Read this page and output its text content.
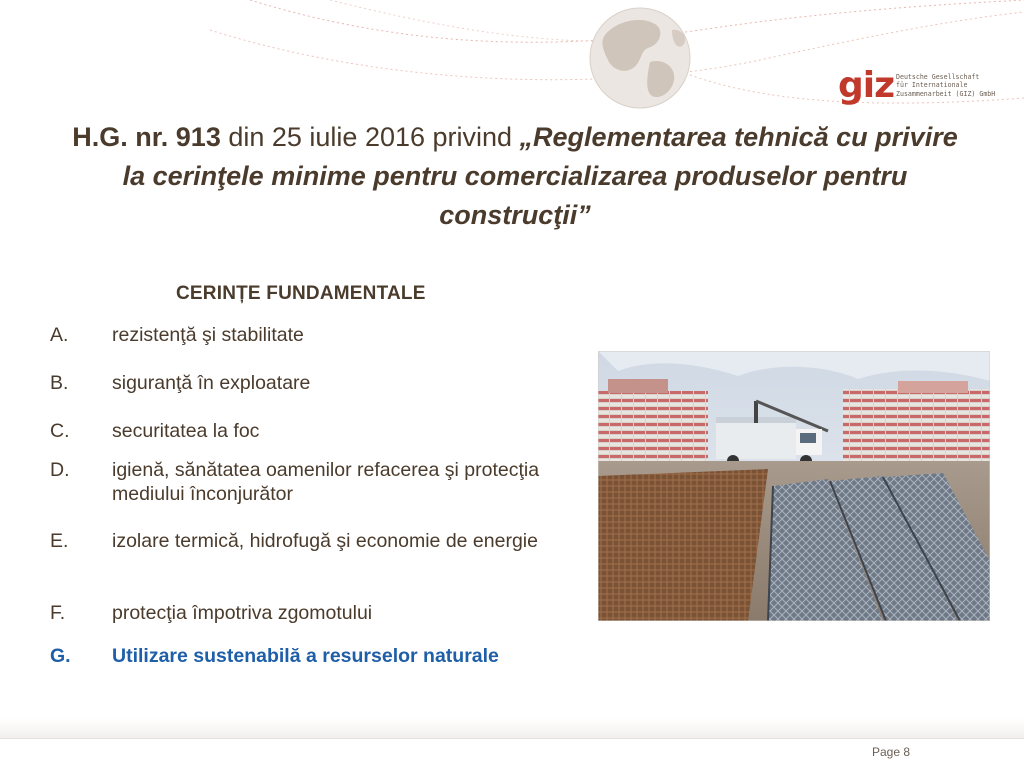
giz Deutsche Gesellschaft
für Internationale
Zusammenarbeit (GIZ) GmbH
H.G. nr. 913 din 25 iulie 2016 privind „Reglementarea tehnică cu privire la cerinţele minime pentru comercializarea produselor pentru construcţii”
CERINȚE FUNDAMENTALE
A. rezistenţă şi stabilitate
B. siguranţă în exploatare
C. securitatea la foc
D. igienă, sănătatea oamenilor refacerea şi protecţia mediului înconjurător
E. izolare termică, hidrofugă şi economie de energie
F. protecţia împotriva zgomotului
G. Utilizare sustenabilă a resurselor naturale
Page 8
